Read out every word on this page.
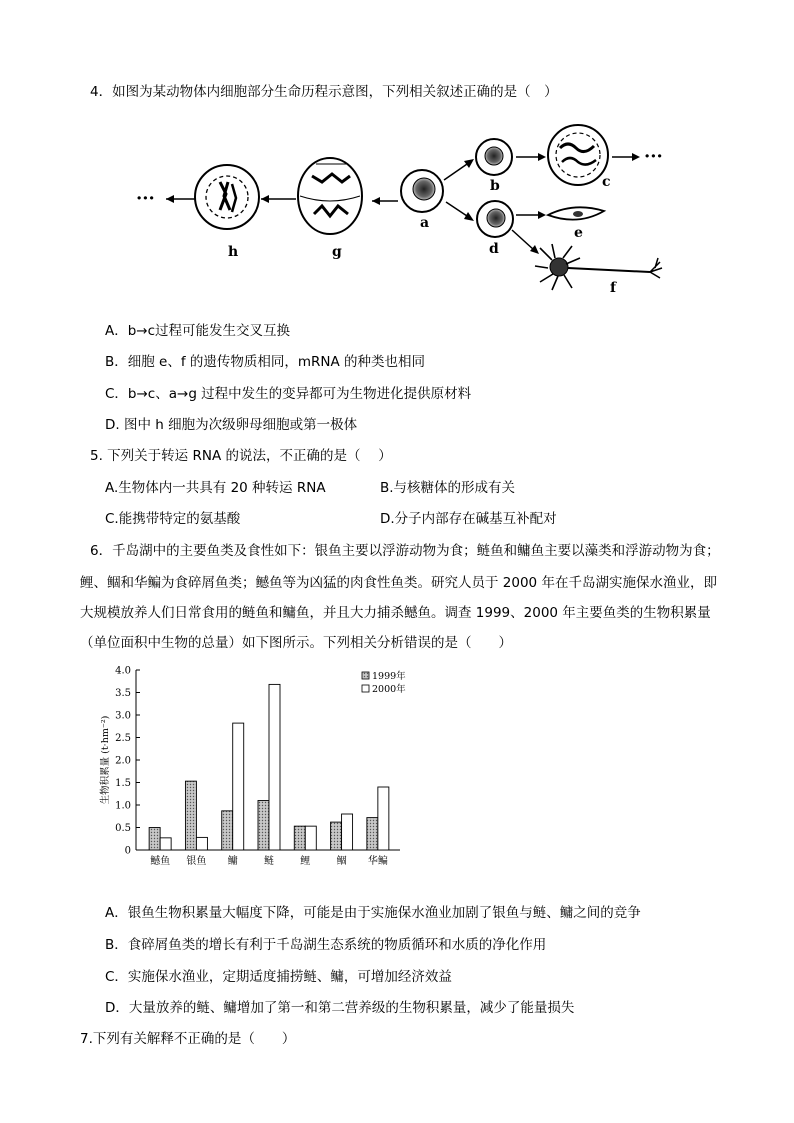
4．如图为某动物体内细胞部分生命历程示意图，下列相关叙述正确的是（　）
···
h	g
a
b	c
···
d
e
f
A．b→c过程可能发生交叉互换
B．细胞 e、f 的遗传物质相同，mRNA 的种类也相同
C．b→c、a→g 过程中发生的变异都可为生物进化提供原材料
D. 图中 h 细胞为次级卵母细胞或第一极体
5. 下列关于转运 RNA 的说法，不正确的是（　 ）
A.生物体内一共具有 20 种转运 RNA	B.与核糖体的形成有关
C.能携带特定的氨基酸	D.分子内部存在碱基互补配对
6．千岛湖中的主要鱼类及食性如下：银鱼主要以浮游动物为食；鲢鱼和鳙鱼主要以藻类和浮游动物为食；
鲤、鲴和华鳊为食碎屑鱼类；鳡鱼等为凶猛的肉食性鱼类。研究人员于 2000 年在千岛湖实施保水渔业，即
大规模放养人们日常食用的鲢鱼和鳙鱼，并且大力捕杀鳡鱼。调查 1999、2000 年主要鱼类的生物积累量
（单位面积中生物的总量）如下图所示。下列相关分析错误的是（　　）
0
0.5
1.0
1.5
2.0
2.5
3.0
3.5
4.0
生物积累量 (t·hm⁻²)
鳡鱼 银鱼 鳙	鲢	鲤	鲴 华鳊
1999年
2000年
A．银鱼生物积累量大幅度下降，可能是由于实施保水渔业加剧了银鱼与鲢、鳙之间的竞争
B．食碎屑鱼类的增长有利于千岛湖生态系统的物质循环和水质的净化作用
C．实施保水渔业，定期适度捕捞鲢、鳙，可增加经济效益
D．大量放养的鲢、鳙增加了第一和第二营养级的生物积累量，减少了能量损失
7.下列有关解释不正确的是（　　）
